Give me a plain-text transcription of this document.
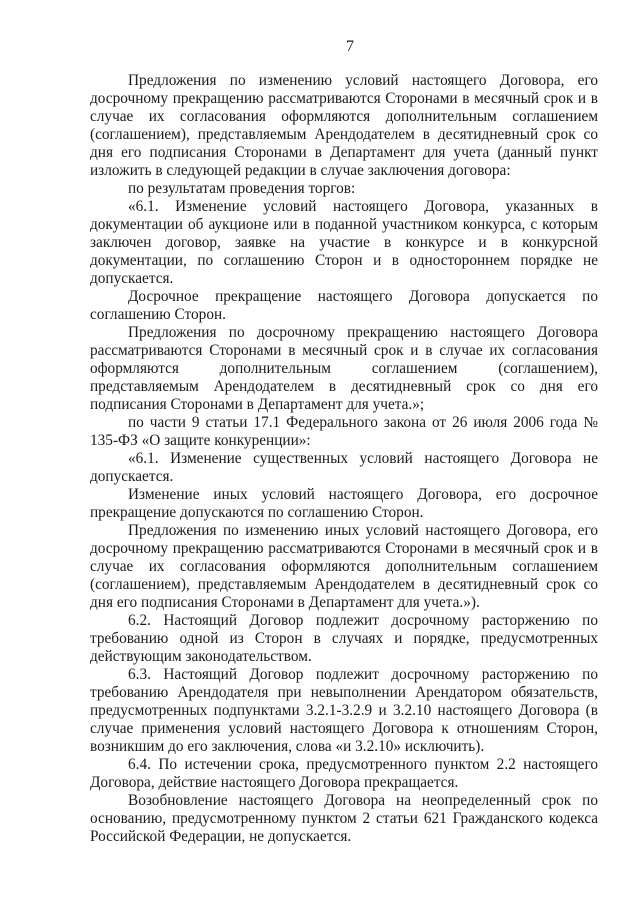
7

Предложения по изменению условий настоящего Договора, его досрочному прекращению рассматриваются Сторонами в месячный срок и в случае их согласования оформляются дополнительным соглашением (соглашением), представляемым Арендодателем в десятидневный срок со дня его подписания Сторонами в Департамент для учета (данный пункт изложить в следующей редакции в случае заключения договора:

по результатам проведения торгов:

«6.1. Изменение условий настоящего Договора, указанных в документации об аукционе или в поданной участником конкурса, с которым заключен договор, заявке на участие в конкурсе и в конкурсной документации, по соглашению Сторон и в одностороннем порядке не допускается.

Досрочное прекращение настоящего Договора допускается по соглашению Сторон.

Предложения по досрочному прекращению настоящего Договора рассматриваются Сторонами в месячный срок и в случае их согласования оформляются дополнительным соглашением (соглашением), представляемым Арендодателем в десятидневный срок со дня его подписания Сторонами в Департамент для учета.»;

по части 9 статьи 17.1 Федерального закона от 26 июля 2006 года № 135-ФЗ «О защите конкуренции»:

«6.1. Изменение существенных условий настоящего Договора не допускается.

Изменение иных условий настоящего Договора, его досрочное прекращение допускаются по соглашению Сторон.

Предложения по изменению иных условий настоящего Договора, его досрочному прекращению рассматриваются Сторонами в месячный срок и в случае их согласования оформляются дополнительным соглашением (соглашением), представляемым Арендодателем в десятидневный срок со дня его подписания Сторонами в Департамент для учета.»).

6.2. Настоящий Договор подлежит досрочному расторжению по требованию одной из Сторон в случаях и порядке, предусмотренных действующим законодательством.

6.3. Настоящий Договор подлежит досрочному расторжению по требованию Арендодателя при невыполнении Арендатором обязательств, предусмотренных подпунктами 3.2.1-3.2.9 и 3.2.10 настоящего Договора (в случае применения условий настоящего Договора к отношениям Сторон, возникшим до его заключения, слова «и 3.2.10» исключить).

6.4. По истечении срока, предусмотренного пунктом 2.2 настоящего Договора, действие настоящего Договора прекращается.

Возобновление настоящего Договора на неопределенный срок по основанию, предусмотренному пунктом 2 статьи 621 Гражданского кодекса Российской Федерации, не допускается.
